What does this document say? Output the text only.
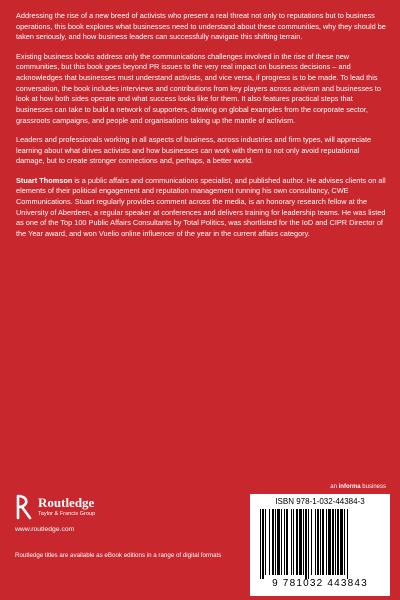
Addressing the rise of a new breed of activists who present a real threat not only to reputations but to business operations, this book explores what businesses need to understand about these communities, why they should be taken seriously, and how business leaders can successfully navigate this shifting terrain.

Existing business books address only the communications challenges involved in the rise of these new communities, but this book goes beyond PR issues to the very real impact on business decisions – and acknowledges that businesses must understand activists, and vice versa, if progress is to be made. To lead this conversation, the book includes interviews and contributions from key players across activism and businesses to look at how both sides operate and what success looks like for them. It also features practical steps that businesses can take to build a network of supporters, drawing on global examples from the corporate sector, grassroots campaigns, and people and organisations taking up the mantle of activism.

Leaders and professionals working in all aspects of business, across industries and firm types, will appreciate learning about what drives activists and how businesses can work with them to not only avoid reputational damage, but to create stronger connections and, perhaps, a better world.

Stuart Thomson is a public affairs and communications specialist, and published author. He advises clients on all elements of their political engagement and reputation management running his own consultancy, CWE Communications. Stuart regularly provides comment across the media, is an honorary research fellow at the University of Aberdeen, a regular speaker at conferences and delivers training for leadership teams. He was listed as one of the Top 100 Public Affairs Consultants by Total Politics, was shortlisted for the IoD and CIPR Director of the Year award, and won Vuelio online influencer of the year in the current affairs category.

an informa business
Routledge
Taylor & Francis Group
www.routledge.com
Routledge titles are available as eBook editions in a range of digital formats
ISBN 978-1-032-44384-3
9 781032 443843
